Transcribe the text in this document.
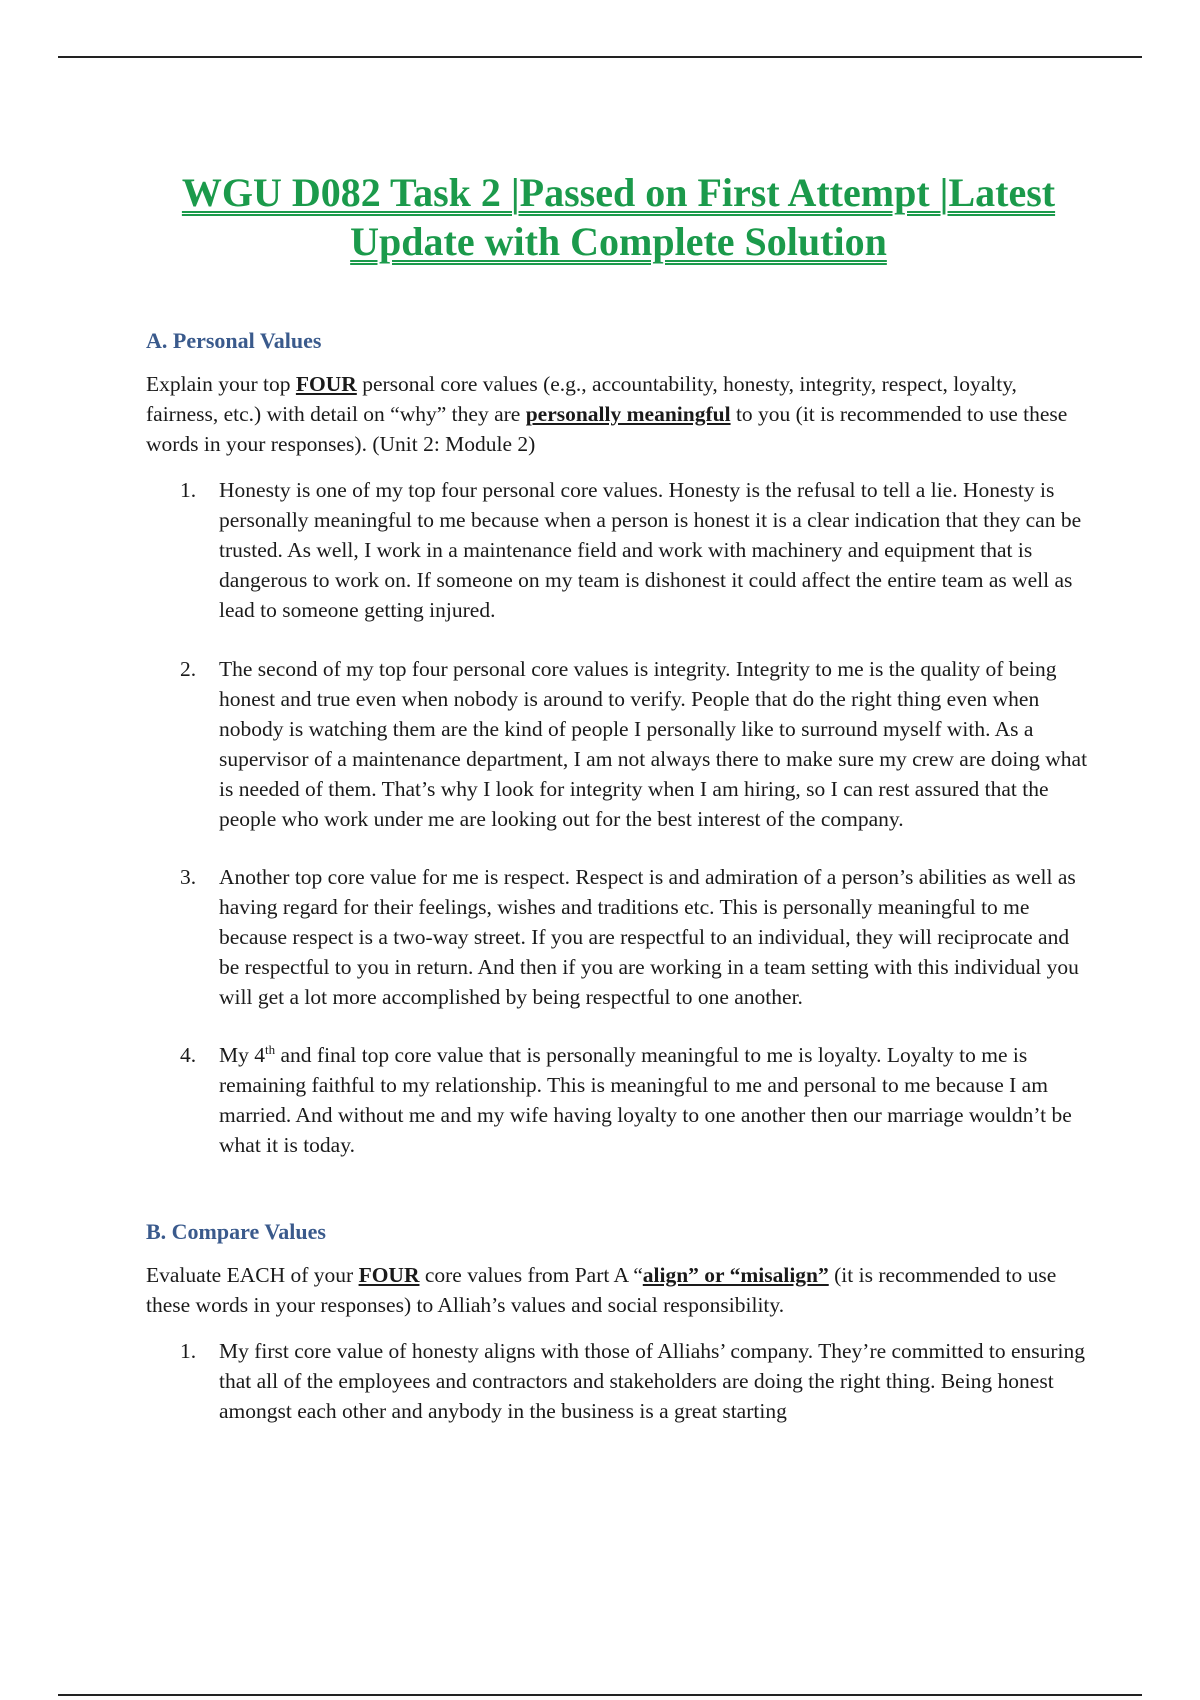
WGU D082 Task 2 |Passed on First Attempt |Latest
Update with Complete Solution
A. Personal Values

Explain your top FOUR personal core values (e.g., accountability, honesty, integrity, respect, loyalty, fairness, etc.) with detail on “why” they are personally meaningful to you (it is recommended to use these words in your responses). (Unit 2: Module 2)

1. Honesty is one of my top four personal core values. Honesty is the refusal to tell a lie. Honesty is personally meaningful to me because when a person is honest it is a clear indication that they can be trusted. As well, I work in a maintenance field and work with machinery and equipment that is dangerous to work on. If someone on my team is dishonest it could affect the entire team as well as lead to someone getting injured.
2. The second of my top four personal core values is integrity. Integrity to me is the quality of being honest and true even when nobody is around to verify. People that do the right thing even when nobody is watching them are the kind of people I personally like to surround myself with. As a supervisor of a maintenance department, I am not always there to make sure my crew are doing what is needed of them. That’s why I look for integrity when I am hiring, so I can rest assured that the people who work under me are looking out for the best interest of the company.
3. Another top core value for me is respect. Respect is and admiration of a person’s abilities as well as having regard for their feelings, wishes and traditions etc. This is personally meaningful to me because respect is a two-way street. If you are respectful to an individual, they will reciprocate and be respectful to you in return. And then if you are working in a team setting with this individual you will get a lot more accomplished by being respectful to one another.
4. My 4th and final top core value that is personally meaningful to me is loyalty. Loyalty to me is remaining faithful to my relationship. This is meaningful to me and personal to me because I am married. And without me and my wife having loyalty to one another then our marriage wouldn’t be what it is today.
B. Compare Values

Evaluate EACH of your FOUR core values from Part A “align” or “misalign” (it is recommended to use these words in your responses) to Alliah’s values and social responsibility.

1. My first core value of honesty aligns with those of Alliahs’ company. They’re committed to ensuring that all of the employees and contractors and stakeholders are doing the right thing. Being honest amongst each other and anybody in the business is a great starting
